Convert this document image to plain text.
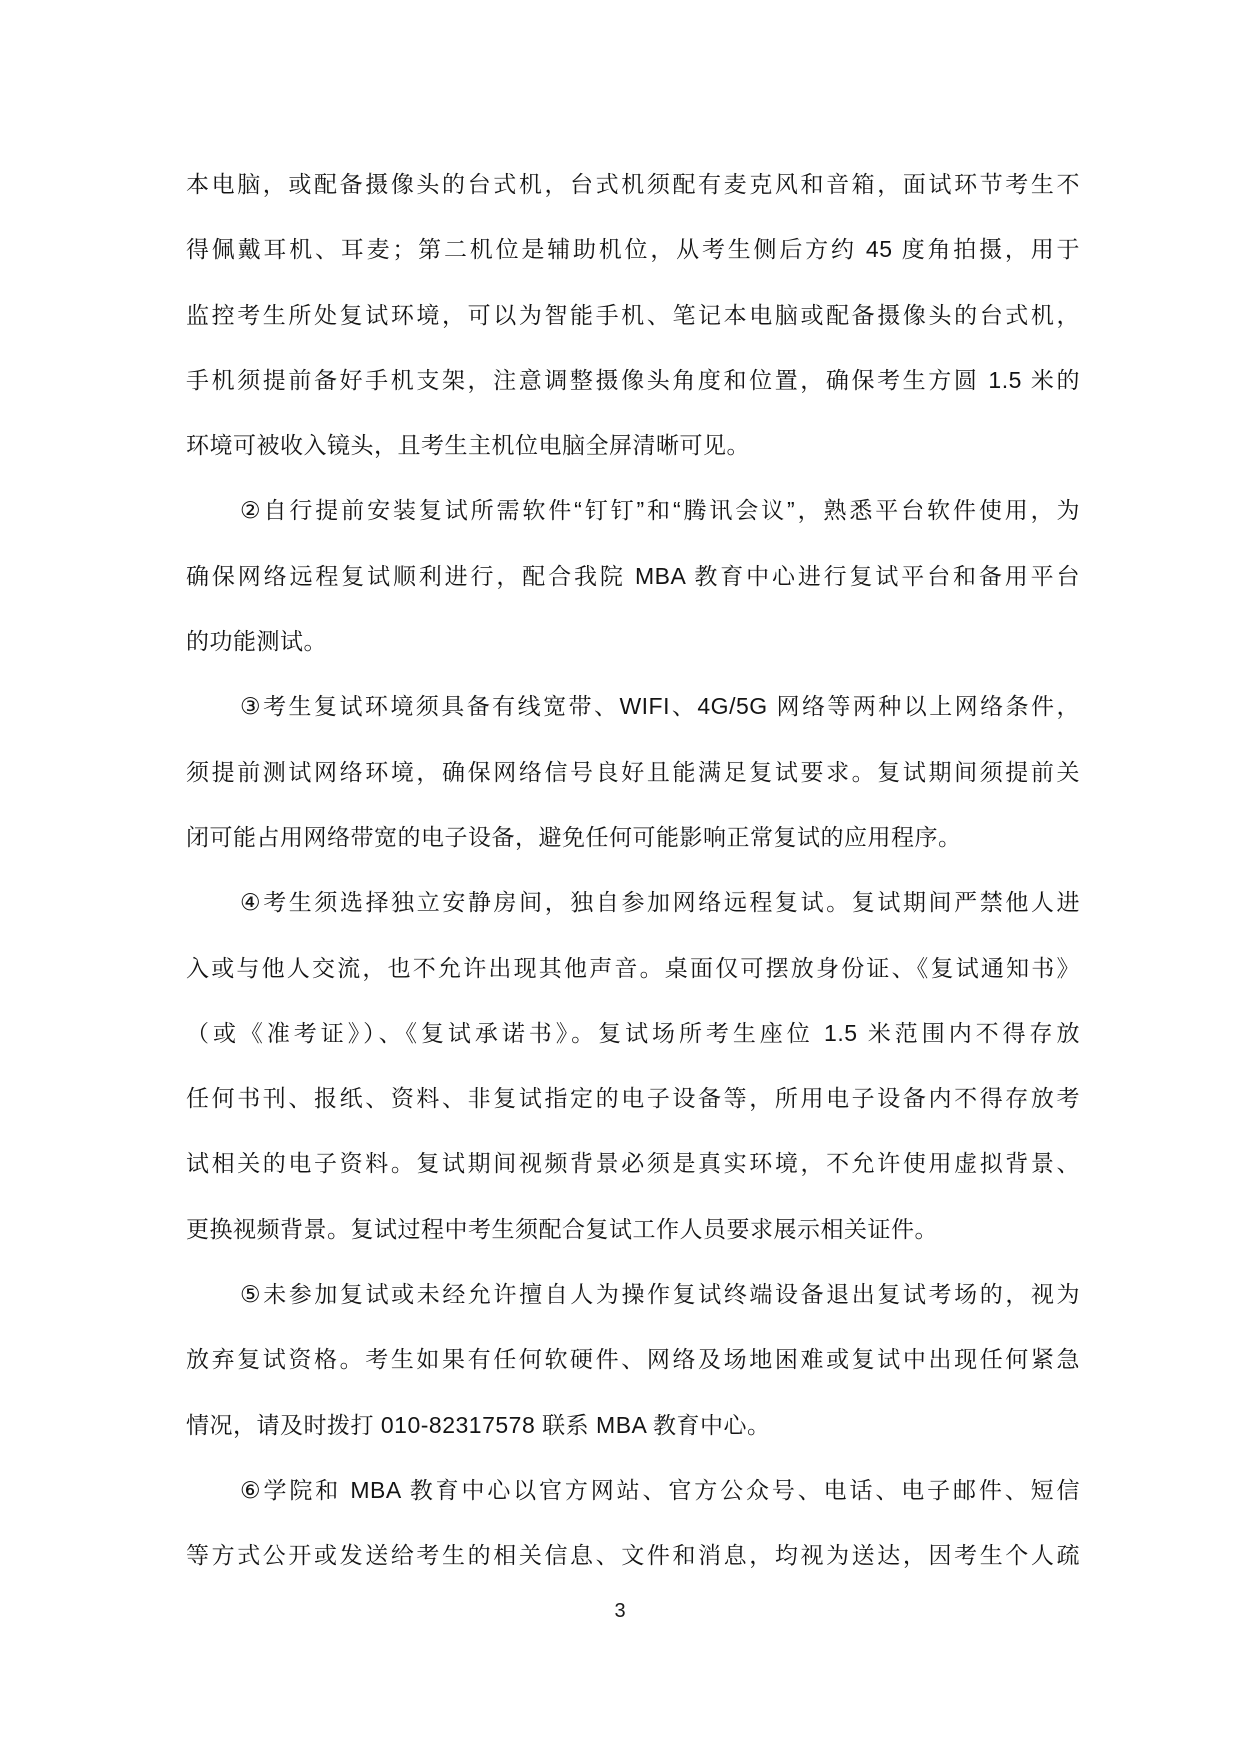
本电脑，或配备摄像头的台式机，台式机须配有麦克风和音箱，面试环节考生不
得佩戴耳机、耳麦；第二机位是辅助机位，从考生侧后方约 45 度角拍摄，用于
监控考生所处复试环境，可以为智能手机、笔记本电脑或配备摄像头的台式机，
手机须提前备好手机支架，注意调整摄像头角度和位置，确保考生方圆 1.5 米的
环境可被收入镜头，且考生主机位电脑全屏清晰可见。
②自行提前安装复试所需软件“钉钉”和“腾讯会议”，熟悉平台软件使用，为
确保网络远程复试顺利进行，配合我院 MBA 教育中心进行复试平台和备用平台
的功能测试。
③考生复试环境须具备有线宽带、WIFI、4G/5G 网络等两种以上网络条件，
须提前测试网络环境，确保网络信号良好且能满足复试要求。复试期间须提前关
闭可能占用网络带宽的电子设备，避免任何可能影响正常复试的应用程序。
④考生须选择独立安静房间，独自参加网络远程复试。复试期间严禁他人进
入或与他人交流，也不允许出现其他声音。桌面仅可摆放身份证、《复试通知书》
（或《准考证》）、《复试承诺书》。复试场所考生座位 1.5 米范围内不得存放
任何书刊、报纸、资料、非复试指定的电子设备等，所用电子设备内不得存放考
试相关的电子资料。复试期间视频背景必须是真实环境，不允许使用虚拟背景、
更换视频背景。复试过程中考生须配合复试工作人员要求展示相关证件。
⑤未参加复试或未经允许擅自人为操作复试终端设备退出复试考场的，视为
放弃复试资格。考生如果有任何软硬件、网络及场地困难或复试中出现任何紧急
情况，请及时拨打 010-82317578 联系 MBA 教育中心。
⑥学院和 MBA 教育中心以官方网站、官方公众号、电话、电子邮件、短信
等方式公开或发送给考生的相关信息、文件和消息，均视为送达，因考生个人疏
3
